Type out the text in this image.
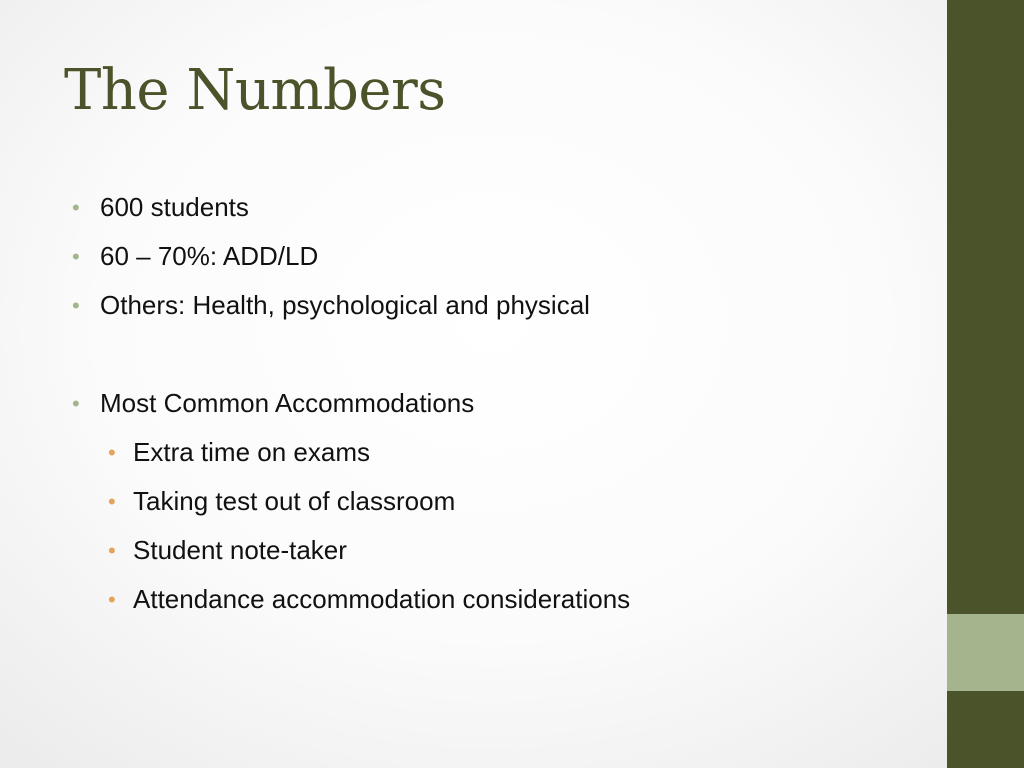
The Numbers
• 600 students
• 60 – 70%: ADD/LD
• Others: Health, psychological and physical
• Most Common Accommodations
• Extra time on exams
• Taking test out of classroom
• Student note-taker
• Attendance accommodation considerations
